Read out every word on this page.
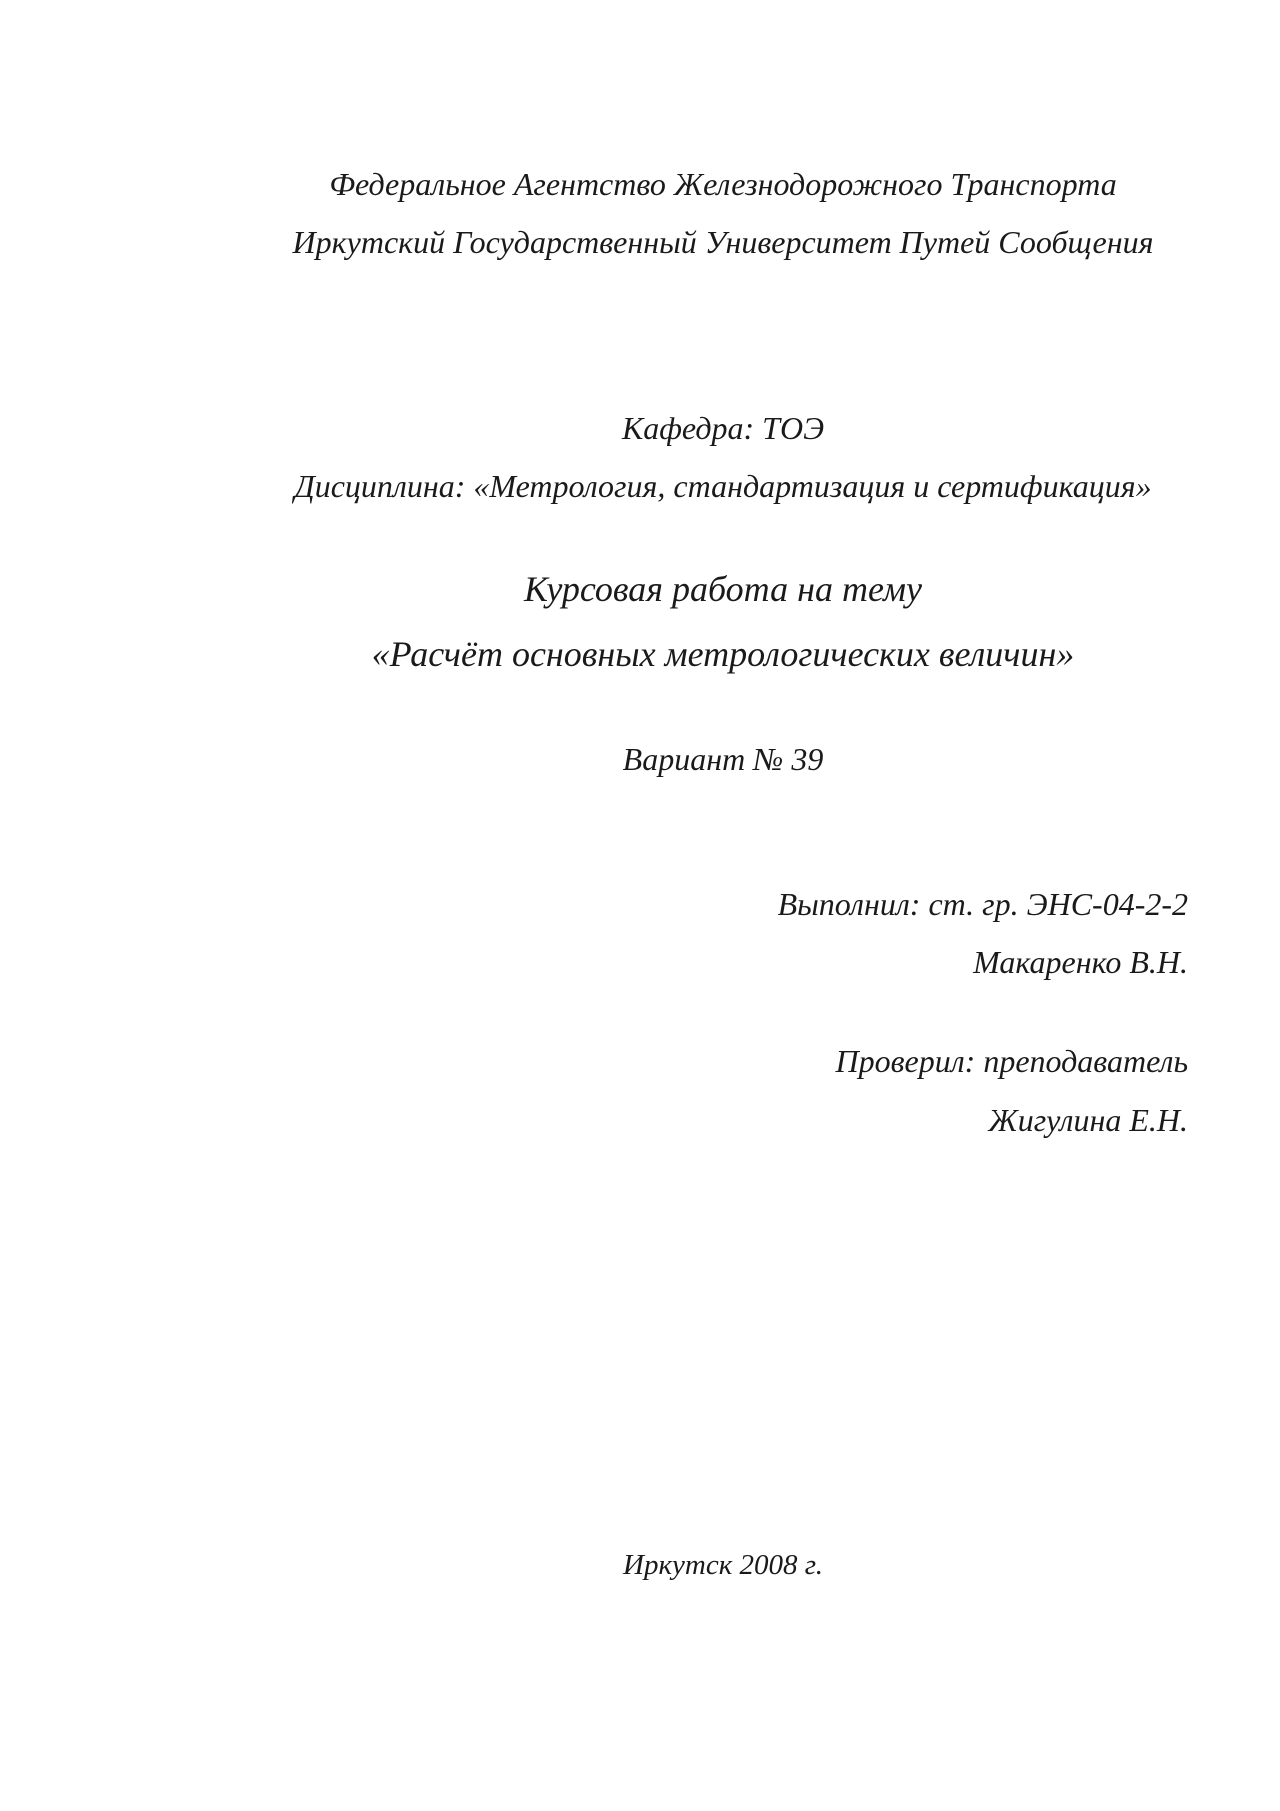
Федеральное Агентство Железнодорожного Транспорта
Иркутский Государственный Университет Путей Сообщения
Кафедра: ТОЭ
Дисциплина: «Метрология, стандартизация и сертификация»
Курсовая работа на тему
«Расчёт основных метрологических величин»
Вариант № 39
Выполнил: ст. гр. ЭНС-04-2-2
Макаренко В.Н.
Проверил: преподаватель
Жигулина Е.Н.
Иркутск 2008 г.
